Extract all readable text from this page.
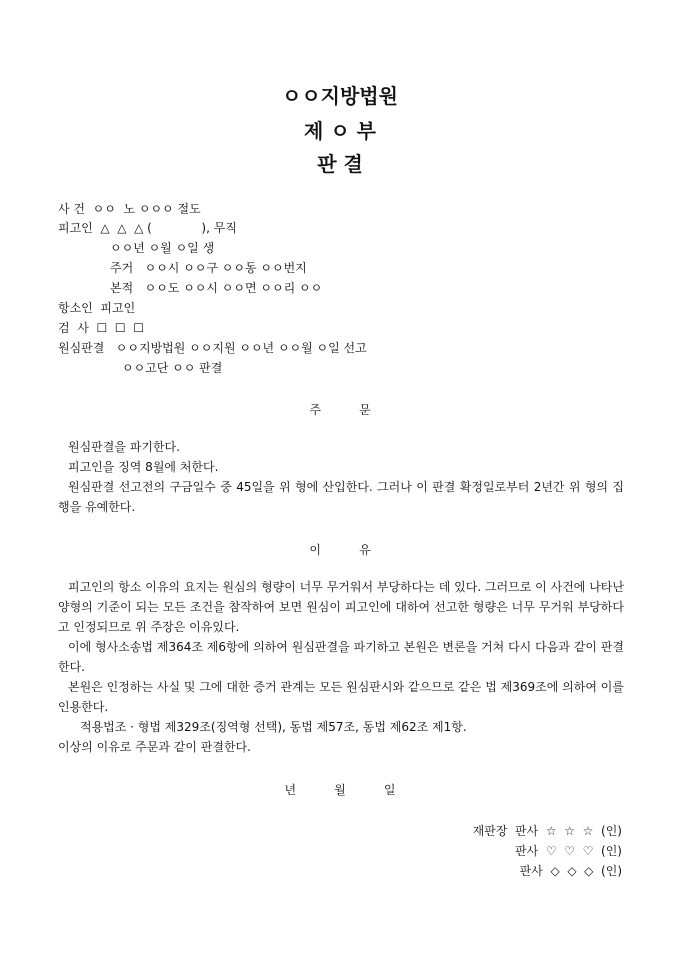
ㅇㅇ지방법원
제 ㅇ 부
판 결
사 건  ㅇㅇ  노 ㅇㅇㅇ 절도
피고인  △  △  △ (             ), 무직
ㅇㅇ년 ㅇ월 ㅇ일 생
주거   ㅇㅇ시 ㅇㅇ구 ㅇㅇ동 ㅇㅇ번지
본적   ㅇㅇ도 ㅇㅇ시 ㅇㅇ면 ㅇㅇ리 ㅇㅇ
항소인  피고인
검  사  ☐  ☐  ☐
원심판결   ㅇㅇ지방법원 ㅇㅇ지원 ㅇㅇ년 ㅇㅇ월 ㅇ일 선고
ㅇㅇ고단 ㅇㅇ 판결
주          문

원심판결을 파기한다.

피고인을 징역 8월에 처한다.

원심판결 선고전의 구금일수 중 45일을 위 형에 산입한다. 그러나 이 판결 확정일로부터 2년간 위 형의 집행을 유예한다.

이          유

피고인의 항소 이유의 요지는 원심의 형량이 너무 무거워서 부당하다는 데 있다. 그러므로 이 사건에 나타난 양형의 기준이 되는 모든 조건을 참작하여 보면 원심이 피고인에 대하여 선고한 형량은 너무 무거워 부당하다고 인정되므로 위 주장은 이유있다.

이에 형사소송법 제364조 제6항에 의하여 원심판결을 파기하고 본원은 변론을 거쳐 다시 다음과 같이 판결한다.

본원은 인정하는 사실 및 그에 대한 증거 관계는 모든 원심판시와 같으므로 같은 법 제369조에 의하여 이를 인용한다.

적용법조 · 형법 제329조(징역형 선택), 동법 제57조, 동법 제62조 제1항.

이상의 이유로 주문과 같이 판결한다.

년          월          일
재판장  판사  ☆  ☆  ☆  (인)
판사  ♡  ♡  ♡  (인)
판사  ◇  ◇  ◇  (인)
